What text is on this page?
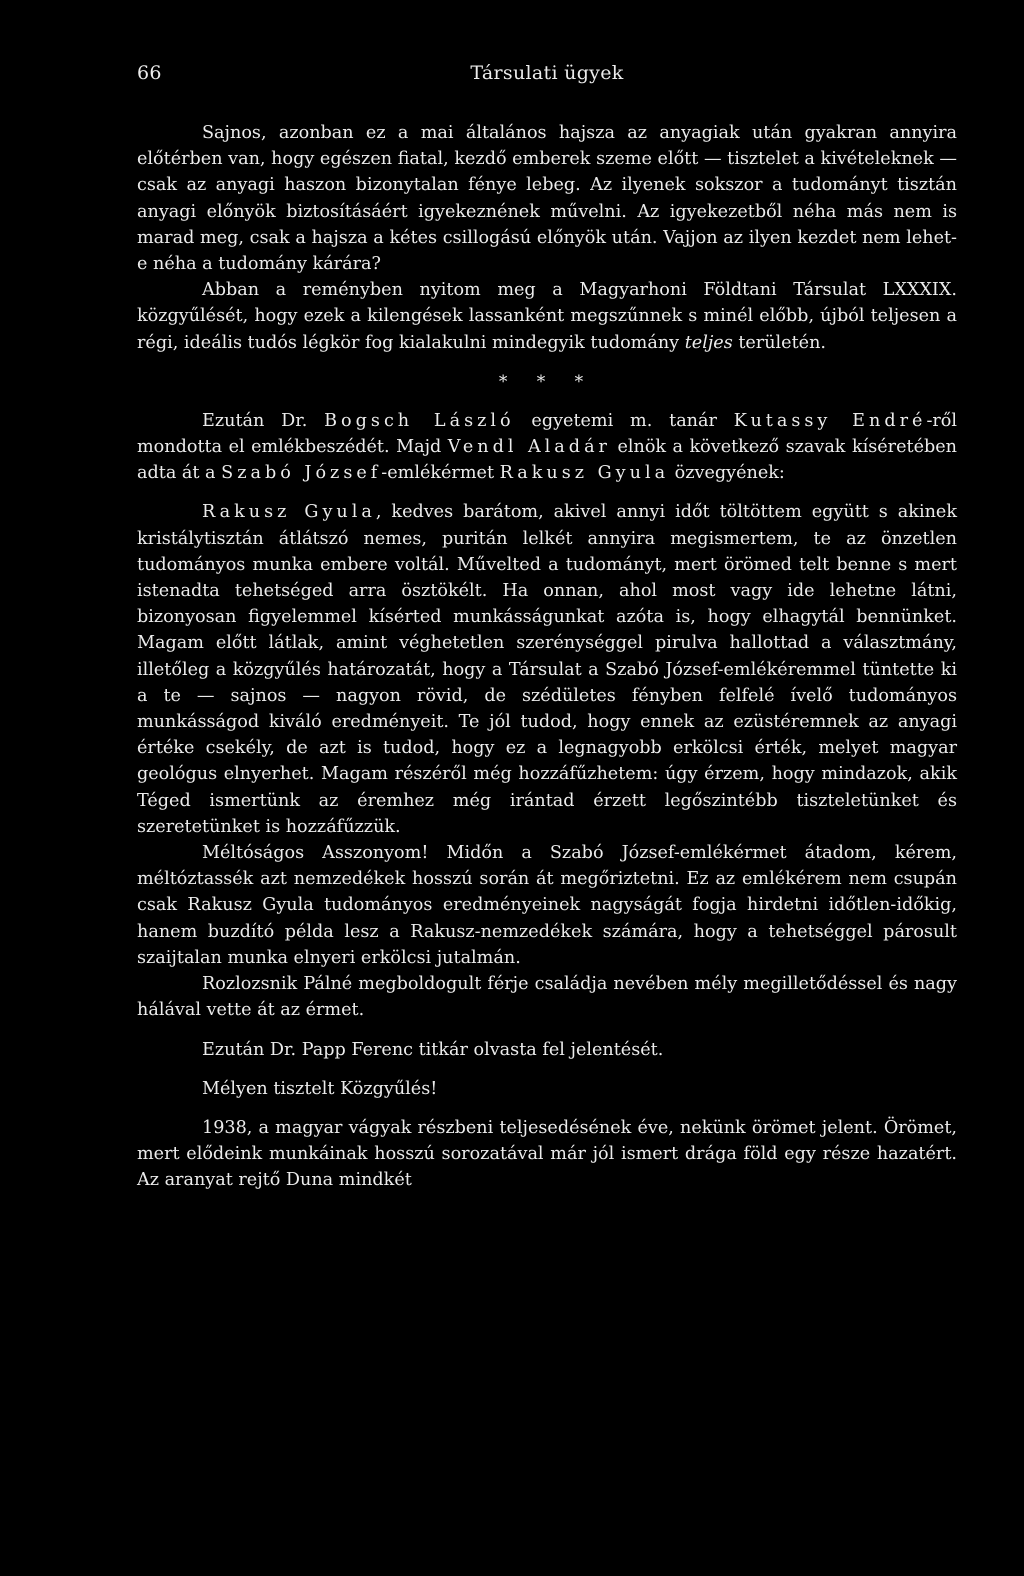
66	Társulati ügyek

Sajnos, azonban ez a mai általános hajsza az anyagiak után gyakran annyira előtérben van, hogy egészen fiatal, kezdő emberek szeme előtt — tisztelet a kivételeknek — csak az anyagi haszon bizonytalan fénye lebeg. Az ilyenek sokszor a tudományt tisztán anyagi előnyök biztosításáért igyekeznének művelni. Az igyekezetből néha más nem is marad meg, csak a hajsza a kétes csillogású előnyök után. Vajjon az ilyen kezdet nem lehet-e néha a tudomány kárára?

Abban a reményben nyitom meg a Magyarhoni Földtani Társulat LXXXIX. közgyűlését, hogy ezek a kilengések lassanként megszűnnek s minél előbb, újból teljesen a régi, ideális tudós légkör fog kialakulni mindegyik tudomány teljes területén.

* * *

Ezután Dr. Bogsch László egyetemi m. tanár Kutassy Endré-ről mondotta el emlékbeszédét. Majd Vendl Aladár elnök a következő szavak kíséretében adta át a Szabó József-emlékérmet Rakusz Gyula özvegyének:

Rakusz Gyula, kedves barátom, akivel annyi időt töltöttem együtt s akinek kristálytisztán átlátszó nemes, puritán lelkét annyira megismertem, te az önzetlen tudományos munka embere voltál. Művelted a tudományt, mert örömed telt benne s mert istenadta tehetséged arra ösztökélt. Ha onnan, ahol most vagy ide lehetne látni, bizonyosan figyelemmel kísérted munkásságunkat azóta is, hogy elhagytál bennünket. Magam előtt látlak, amint véghetetlen szerénységgel pirulva hallottad a választmány, illetőleg a közgyűlés határozatát, hogy a Társulat a Szabó József-emlékéremmel tüntette ki a te — sajnos — nagyon rövid, de szédületes fényben felfelé ívelő tudományos munkásságod kiváló eredményeit. Te jól tudod, hogy ennek az ezüstéremnek az anyagi értéke csekély, de azt is tudod, hogy ez a legnagyobb erkölcsi érték, melyet magyar geológus elnyerhet. Magam részéről még hozzáfűzhetem: úgy érzem, hogy mindazok, akik Téged ismertünk az éremhez még irántad érzett legőszintébb tiszteletünket és szeretetünket is hozzáfűzzük.

Méltóságos Asszonyom! Midőn a Szabó József-emlékérmet átadom, kérem, méltóztassék azt nemzedékek hosszú során át megőriztetni. Ez az emlékérem nem csupán csak Rakusz Gyula tudományos eredményeinek nagyságát fogja hirdetni időtlen-időkig, hanem buzdító példa lesz a Rakusz-nemzedékek számára, hogy a tehetséggel párosult szaijtalan munka elnyeri erkölcsi jutalmán.

Rozlozsnik Pálné megboldogult férje családja nevében mély megilletődéssel és nagy hálával vette át az érmet.

Ezután Dr. Papp Ferenc titkár olvasta fel jelentését.

Mélyen tisztelt Közgyűlés!

1938, a magyar vágyak részbeni teljesedésének éve, nekünk örömet jelent. Örömet, mert elődeink munkáinak hosszú sorozatával már jól ismert drága föld egy része hazatért. Az aranyat rejtő Duna mindkét
